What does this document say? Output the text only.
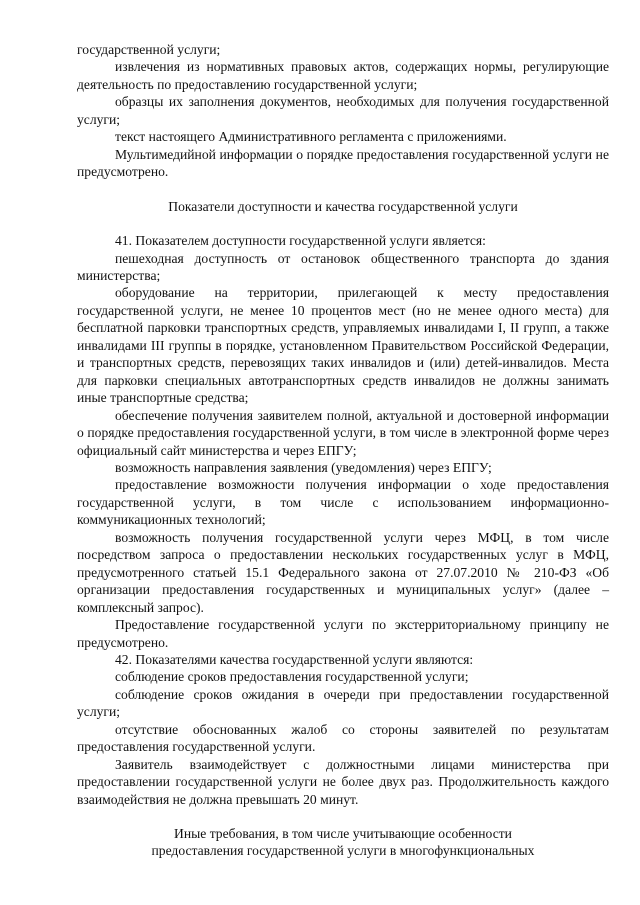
государственной услуги;

извлечения из нормативных правовых актов, содержащих нормы, регулирующие деятельность по предоставлению государственной услуги;

образцы их заполнения документов, необходимых для получения государственной услуги;

текст настоящего Административного регламента с приложениями.

Мультимедийной информации о порядке предоставления государственной услуги не предусмотрено.

Показатели доступности и качества государственной услуги

41. Показателем доступности государственной услуги является:

пешеходная доступность от остановок общественного транспорта до здания министерства;

оборудование на территории, прилегающей к месту предоставления государственной услуги, не менее 10 процентов мест (но не менее одного места) для бесплатной парковки транспортных средств, управляемых инвалидами I, II групп, а также инвалидами III группы в порядке, установленном Правительством Российской Федерации, и транспортных средств, перевозящих таких инвалидов и (или) детей-инвалидов. Места для парковки специальных автотранспортных средств инвалидов не должны занимать иные транспортные средства;

обеспечение получения заявителем полной, актуальной и достоверной информации о порядке предоставления государственной услуги, в том числе в электронной форме через официальный сайт министерства и через ЕПГУ;

возможность направления заявления (уведомления) через ЕПГУ;

предоставление возможности получения информации о ходе предоставления государственной услуги, в том числе с использованием информационно-коммуникационных технологий;

возможность получения государственной услуги через МФЦ, в том числе посредством запроса о предоставлении нескольких государственных услуг в МФЦ, предусмотренного статьей 15.1 Федерального закона от 27.07.2010 № 210-ФЗ «Об организации предоставления государственных и муниципальных услуг» (далее – комплексный запрос).

Предоставление государственной услуги по экстерриториальному принципу не предусмотрено.

42. Показателями качества государственной услуги являются:

соблюдение сроков предоставления государственной услуги;

соблюдение сроков ожидания в очереди при предоставлении государственной услуги;

отсутствие обоснованных жалоб со стороны заявителей по результатам предоставления государственной услуги.

Заявитель взаимодействует с должностными лицами министерства при предоставлении государственной услуги не более двух раз. Продолжительность каждого взаимодействия не должна превышать 20 минут.

Иные требования, в том числе учитывающие особенности
предоставления государственной услуги в многофункциональных
